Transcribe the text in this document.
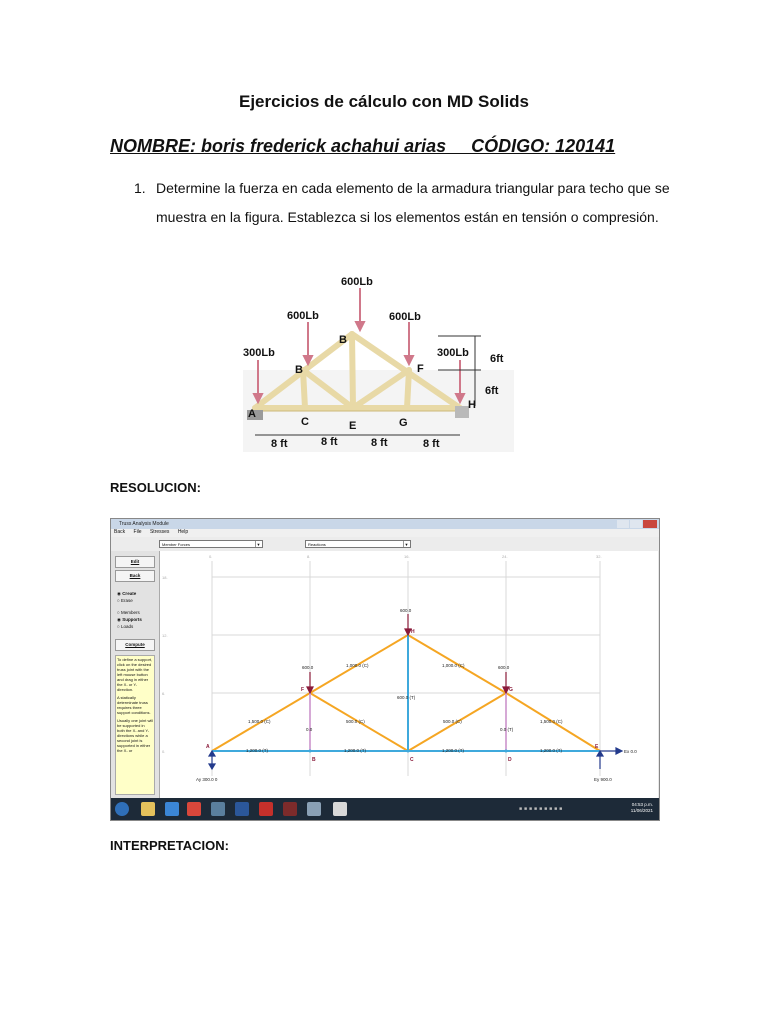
Ejercicios de cálculo con MD Solids
NOMBRE: boris frederick achahui arias     CÓDIGO: 120141
1. Determine la fuerza en cada elemento de la armadura triangular para techo que se muestra en la figura. Establezca si los elementos están en tensión o compresión.
600Lb
600Lb	600Lb
300Lb	300Lb
A
B
B
C	E
F
G
H
6ft
6ft
8 ft	8 ft	8 ft	8 ft
RESOLUCION:
Truss Analysis Module
Back File Stresses Help
Member Forces	▼	Reactions	▼
Edit
Back
◉ Create
○ Erase
○ Members
◉ Supports
○ Loads
Compute

To define a support, click on the desired truss joint with the left mouse button and drag in either the X- or Y- direction.

A statically determinate truss requires three support conditions.

Usually one joint will be supported in both the X- and Y- directions while a second joint is supported in either the X- or

0.	8.	16.	24.	32.
18.
12.
6.
0.
600.0
600.0	600.0
1,500.0 (C)
1,000.0 (C)	1,000.0 (C)
1,500.0 (C)
500.0 (C)	500.0 (C)
600.0 (T)
0.0	0.0 (T)
1,200.0 (T)	1,200.0 (T)	1,200.0 (T)	1,200.0 (T)
Ay 300.0 0	Ey 900.0
Ex 0.0
A
B	C	D
E
F	G
H
■■■■■■■■■
04:53 p.m.
11/06/2021
INTERPRETACION:
